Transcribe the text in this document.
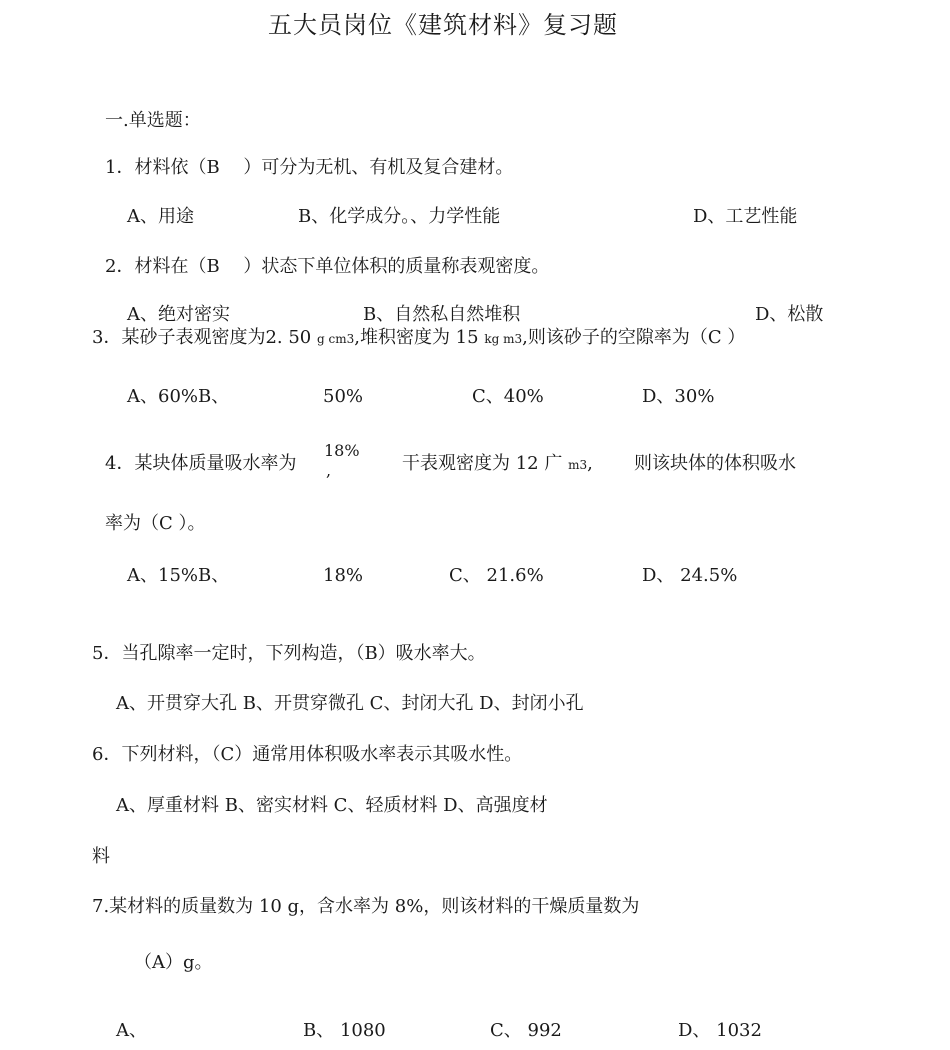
五大员岗位《建筑材料》复习题
一.单选题：
1．材料依（B　 ）可分为无机、有机及复合建材。
A、用途	B、化学成分。、力学性能	D、工艺性能
2．材料在（B　 ）状态下单位体积的质量称表观密度。
A、绝对密实	B、自然私自然堆积	D、松散
3．某砂子表观密度为2. 50 g cm3,堆积密度为 15 kg m3,则该砂子的空隙率为（C ）
A、60%B、	50%	C、40%	D、30%
4．某块体质量吸水率为
18%
,	干表观密度为 12 广 m3, 则该块体的体积吸水
率为（C ）。
A、15%B、	18%	C、 21.6%	D、 24.5%
5．当孔隙率一定时，下列构造，（B）吸水率大。
A、开贯穿大孔 B、开贯穿微孔 C、封闭大孔 D、封闭小孔
6．下列材料，（C）通常用体积吸水率表示其吸水性。
A、厚重材料 B、密实材料 C、轻质材料 D、高强度材
料
7.某材料的质量数为 10 g，含水率为 8%，则该材料的干燥质量数为
（A）g。
A、	B、 1080	C、 992	D、 1032
